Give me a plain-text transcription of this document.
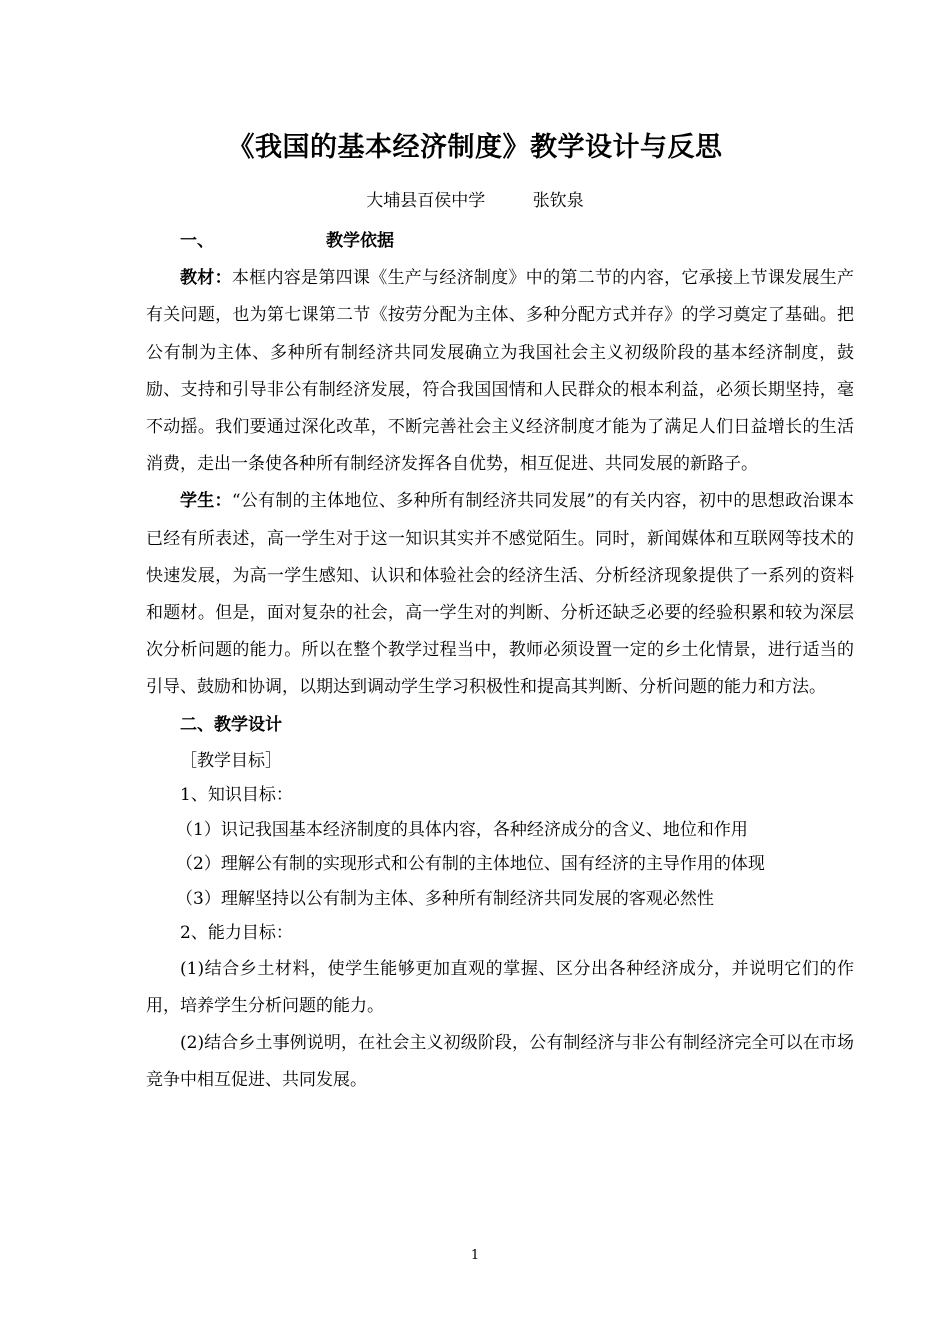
《我国的基本经济制度》教学设计与反思
大埔县百侯中学	张钦泉

一、	教学依据

教材：本框内容是第四课《生产与经济制度》中的第二节的内容，它承接上节课发展生产有关问题，也为第七课第二节《按劳分配为主体、多种分配方式并存》的学习奠定了基础。把公有制为主体、多种所有制经济共同发展确立为我国社会主义初级阶段的基本经济制度，鼓励、支持和引导非公有制经济发展，符合我国国情和人民群众的根本利益，必须长期坚持，毫不动摇。我们要通过深化改革，不断完善社会主义经济制度才能为了满足人们日益增长的生活消费，走出一条使各种所有制经济发挥各自优势，相互促进、共同发展的新路子。

学生：“公有制的主体地位、多种所有制经济共同发展”的有关内容，初中的思想政治课本已经有所表述，高一学生对于这一知识其实并不感觉陌生。同时，新闻媒体和互联网等技术的快速发展，为高一学生感知、认识和体验社会的经济生活、分析经济现象提供了一系列的资料和题材。但是，面对复杂的社会，高一学生对的判断、分析还缺乏必要的经验积累和较为深层次分析问题的能力。所以在整个教学过程当中，教师必须设置一定的乡土化情景，进行适当的引导、鼓励和协调，以期达到调动学生学习积极性和提高其判断、分析问题的能力和方法。

二、教学设计

［教学目标］

1、知识目标：

（1）识记我国基本经济制度的具体内容，各种经济成分的含义、地位和作用

（2）理解公有制的实现形式和公有制的主体地位、国有经济的主导作用的体现

（3）理解坚持以公有制为主体、多种所有制经济共同发展的客观必然性

2、能力目标：

(1)结合乡土材料，使学生能够更加直观的掌握、区分出各种经济成分，并说明它们的作用，培养学生分析问题的能力。

(2)结合乡土事例说明，在社会主义初级阶段，公有制经济与非公有制经济完全可以在市场竞争中相互促进、共同发展。

1
